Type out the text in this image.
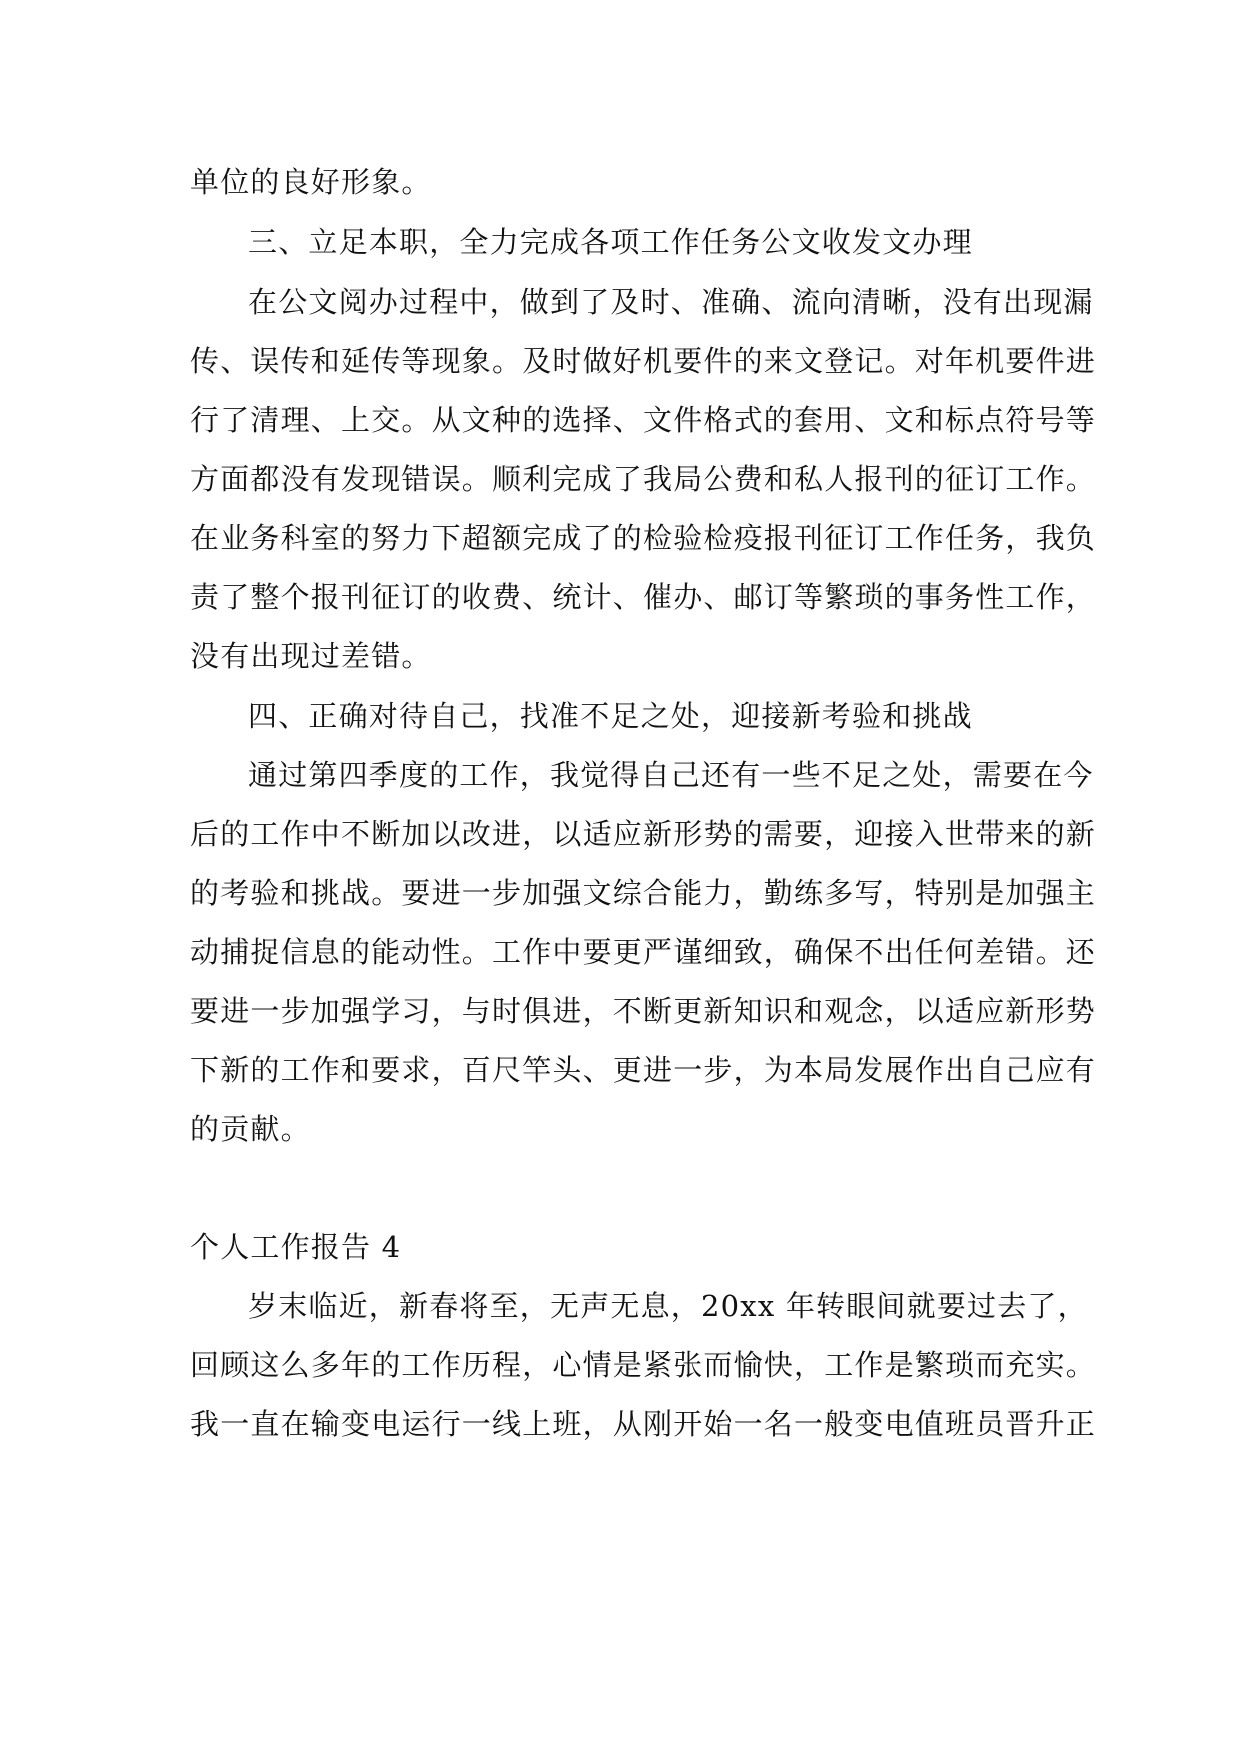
单位的良好形象。
三、立足本职，全力完成各项工作任务公文收发文办理
在公文阅办过程中，做到了及时、准确、流向清晰，没有出现漏
传、误传和延传等现象。及时做好机要件的来文登记。对年机要件进
行了清理、上交。从文种的选择、文件格式的套用、文和标点符号等
方面都没有发现错误。顺利完成了我局公费和私人报刊的征订工作。
在业务科室的努力下超额完成了的检验检疫报刊征订工作任务，我负
责了整个报刊征订的收费、统计、催办、邮订等繁琐的事务性工作，
没有出现过差错。
四、正确对待自己，找准不足之处，迎接新考验和挑战
通过第四季度的工作，我觉得自己还有一些不足之处，需要在今
后的工作中不断加以改进，以适应新形势的需要，迎接入世带来的新
的考验和挑战。要进一步加强文综合能力，勤练多写，特别是加强主
动捕捉信息的能动性。工作中要更严谨细致，确保不出任何差错。还
要进一步加强学习，与时俱进，不断更新知识和观念，以适应新形势
下新的工作和要求，百尺竿头、更进一步，为本局发展作出自己应有
的贡献。
个人工作报告 4
岁末临近，新春将至，无声无息，20xx 年转眼间就要过去了，
回顾这么多年的工作历程，心情是紧张而愉快，工作是繁琐而充实。
我一直在输变电运行一线上班，从刚开始一名一般变电值班员晋升正
